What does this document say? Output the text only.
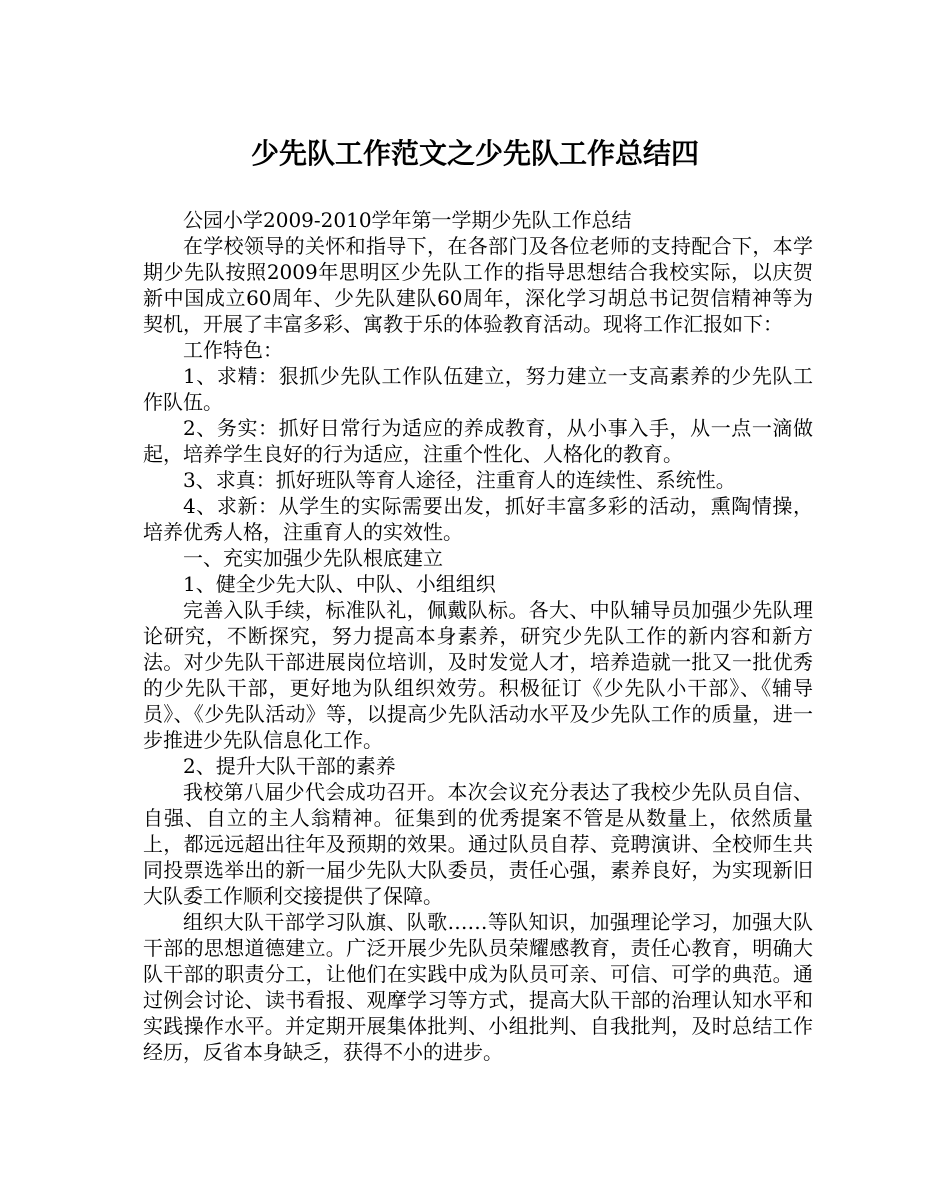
少先队工作范文之少先队工作总结四

公园小学2009-2010学年第一学期少先队工作总结

在学校领导的关怀和指导下，在各部门及各位老师的支持配合下，本学期少先队按照2009年思明区少先队工作的指导思想结合我校实际，以庆贺新中国成立60周年、少先队建队60周年，深化学习胡总书记贺信精神等为契机，开展了丰富多彩、寓教于乐的体验教育活动。现将工作汇报如下：

工作特色：

1、求精：狠抓少先队工作队伍建立，努力建立一支高素养的少先队工作队伍。

2、务实：抓好日常行为适应的养成教育，从小事入手，从一点一滴做起，培养学生良好的行为适应，注重个性化、人格化的教育。

3、求真：抓好班队等育人途径，注重育人的连续性、系统性。

4、求新：从学生的实际需要出发，抓好丰富多彩的活动，熏陶情操，培养优秀人格，注重育人的实效性。

一、充实加强少先队根底建立

1、健全少先大队、中队、小组组织

完善入队手续，标准队礼，佩戴队标。各大、中队辅导员加强少先队理论研究，不断探究，努力提高本身素养，研究少先队工作的新内容和新方法。对少先队干部进展岗位培训，及时发觉人才，培养造就一批又一批优秀的少先队干部，更好地为队组织效劳。积极征订《少先队小干部》、《辅导员》、《少先队活动》等，以提高少先队活动水平及少先队工作的质量，进一步推进少先队信息化工作。

2、提升大队干部的素养

我校第八届少代会成功召开。本次会议充分表达了我校少先队员自信、自强、自立的主人翁精神。征集到的优秀提案不管是从数量上，依然质量上，都远远超出往年及预期的效果。通过队员自荐、竞聘演讲、全校师生共同投票选举出的新一届少先队大队委员，责任心强，素养良好，为实现新旧大队委工作顺利交接提供了保障。

组织大队干部学习队旗、队歌……等队知识，加强理论学习，加强大队干部的思想道德建立。广泛开展少先队员荣耀感教育，责任心教育，明确大队干部的职责分工，让他们在实践中成为队员可亲、可信、可学的典范。通过例会讨论、读书看报、观摩学习等方式，提高大队干部的治理认知水平和实践操作水平。并定期开展集体批判、小组批判、自我批判，及时总结工作经历，反省本身缺乏，获得不小的进步。
